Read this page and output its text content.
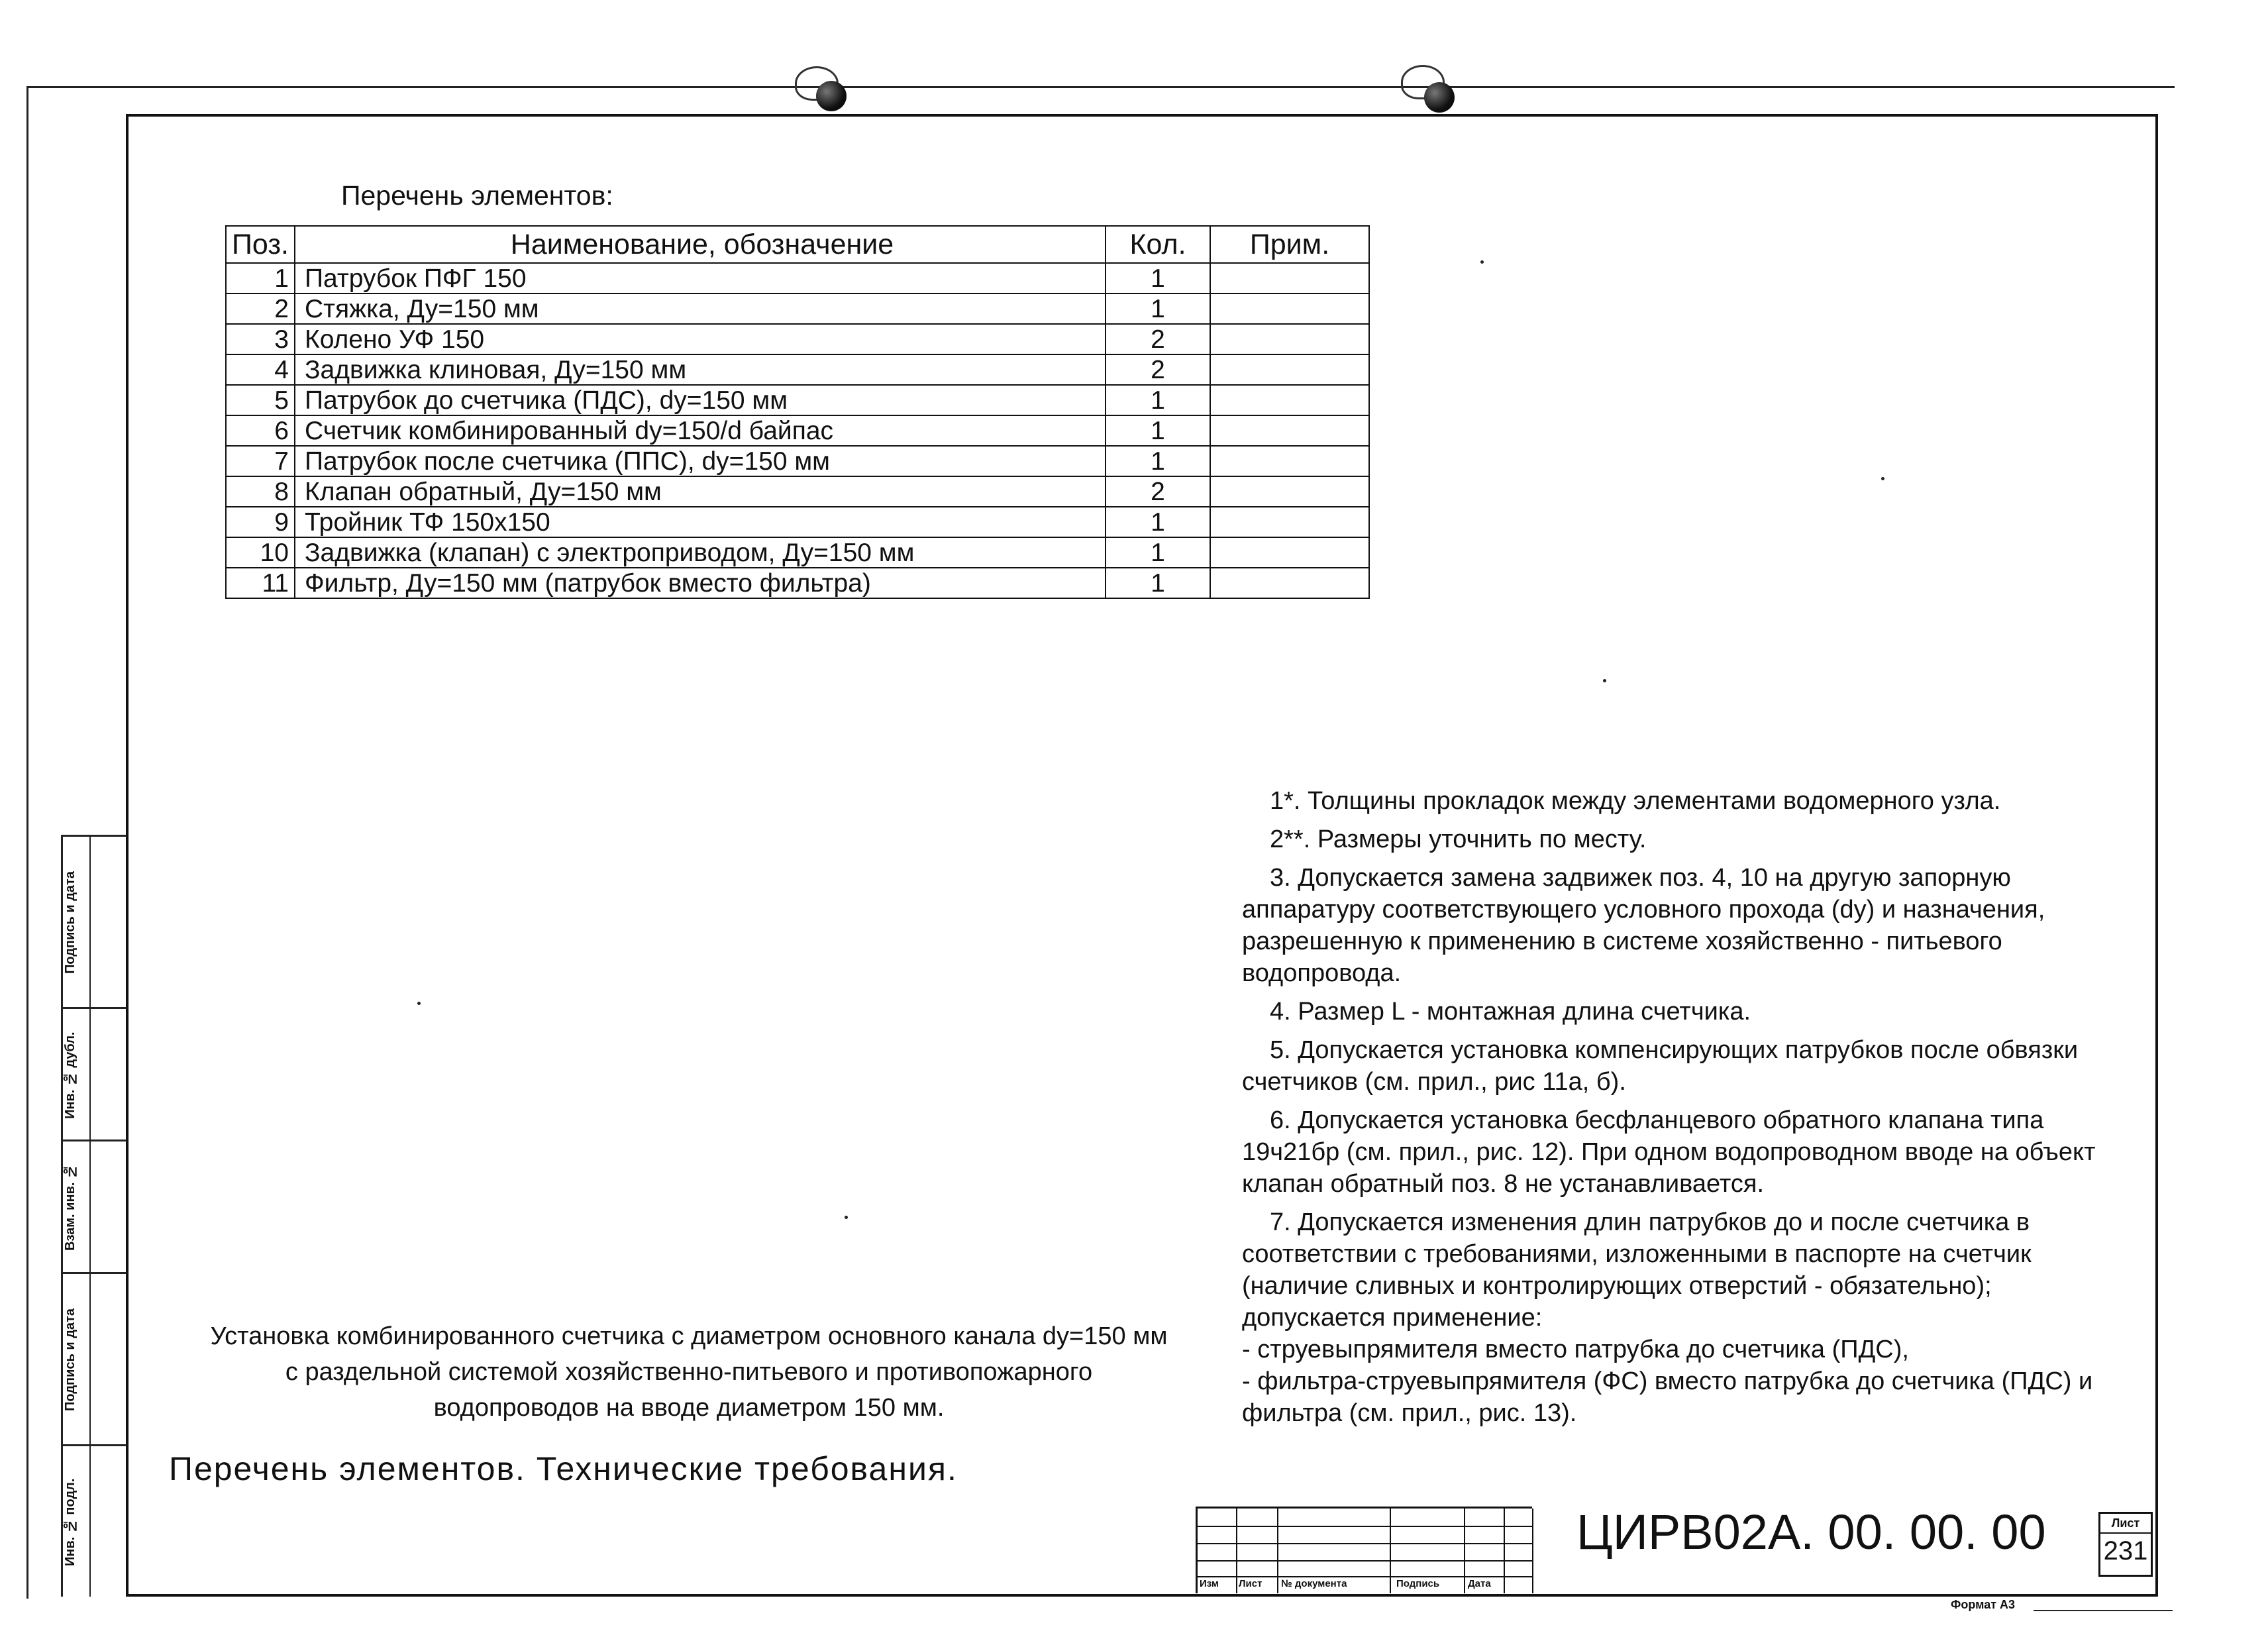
Перечень элементов:
Поз.	Наименование, обозначение	Кол.	Прим.
1	Патрубок ПФГ 150	1	
2	Стяжка, Ду=150 мм	1	
3	Колено УФ 150	2	
4	Задвижка клиновая, Ду=150 мм	2	
5	Патрубок до счетчика (ПДС), dy=150 мм	1	
6	Счетчик комбинированный dy=150/d байпас	1	
7	Патрубок после счетчика (ППС), dy=150 мм	1	
8	Клапан обратный, Ду=150 мм	2	
9	Тройник ТФ 150х150	1	
10	Задвижка (клапан) с электроприводом, Ду=150 мм	1	
11	Фильтр, Ду=150 мм (патрубок вместо фильтра)	1	

1*. Толщины прокладок между элементами водомерного узла.

2**. Размеры уточнить по месту.

3. Допускается замена задвижек поз. 4, 10 на другую запорную аппаратуру соответствующего условного прохода (dy) и назначения, разрешенную к применению в системе хозяйственно - питьевого водопровода.

4. Размер L - монтажная длина счетчика.

5. Допускается установка компенсирующих патрубков после обвязки счетчиков (см. прил., рис 11а, б).

6. Допускается установка бесфланцевого обратного клапана типа 19ч21бр (см. прил., рис. 12). При одном водопроводном вводе на объект клапан обратный поз. 8 не устанавливается.

7. Допускается изменения длин патрубков до и после счетчика в соответствии с требованиями, изложенными в паспорте на счетчик (наличие сливных и контролирующих отверстий - обязательно); допускается применение:

- струевыпрямителя вместо патрубка до счетчика (ПДС),

- фильтра-струевыпрямителя (ФС) вместо патрубка до счетчика (ПДС) и фильтра (см. прил., рис. 13).

Установка комбинированного счетчика с диаметром основного канала dy=150 мм
с раздельной системой хозяйственно-питьевого и противопожарного
водопроводов на вводе диаметром 150 мм.
Перечень элементов. Технические требования.
Подпись и дата
Инв. № дубл.
Взам. инв. №
Подпись и дата
Инв. № подл.
Изм Лист № документа	Подпись	Дата
ЦИРВ02А. 00. 00. 00	Лист
231
Формат А3
